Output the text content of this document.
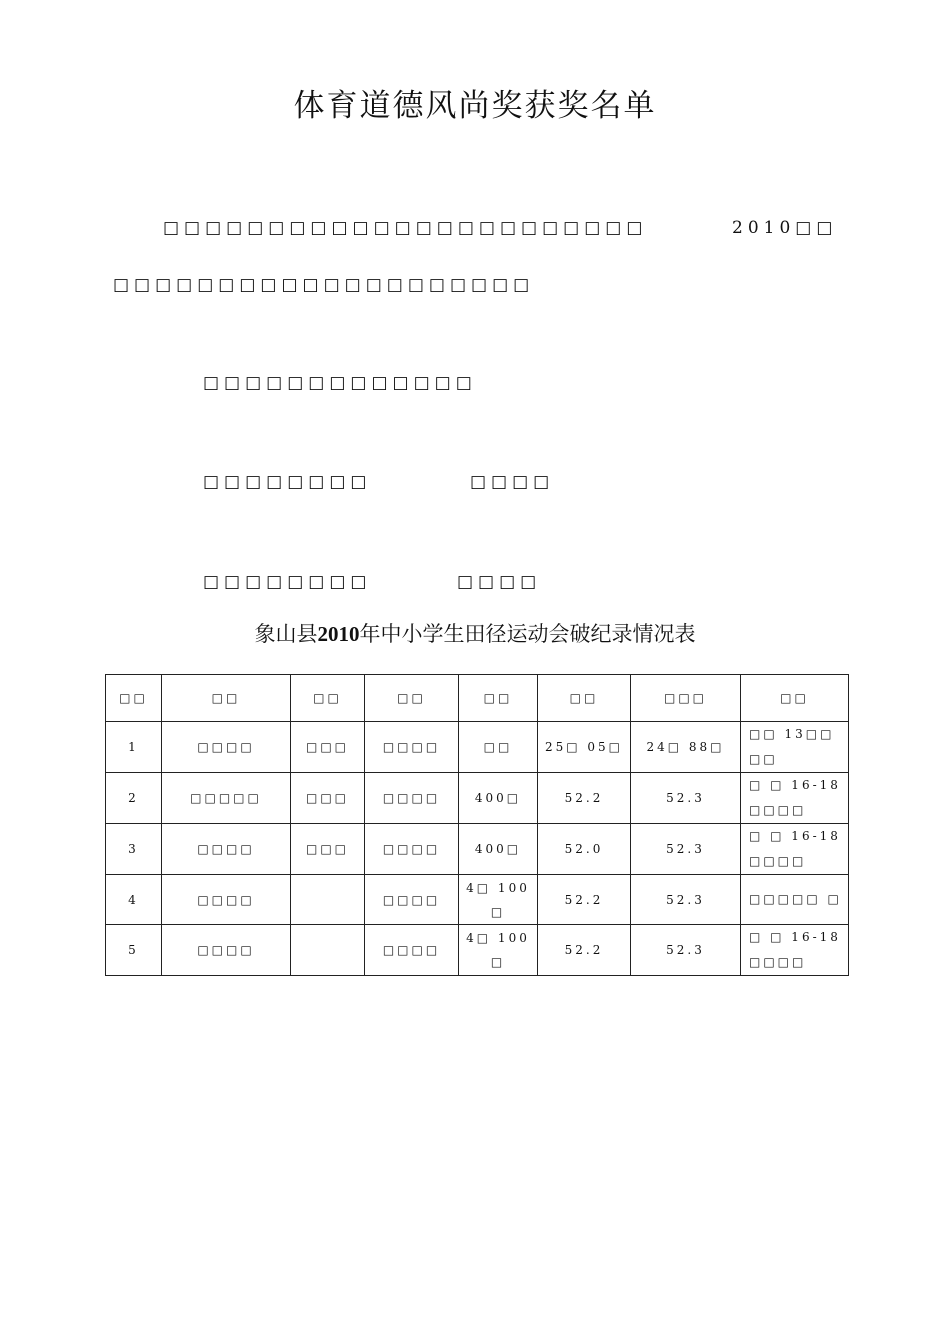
体育道德风尚奖获奖名单
□□□□□□□□□□□□□□□□□□□□□□□	2010□□
□□□□□□□□□□□□□□□□□□□□
□□□□□□□□□□□□□
□□□□□□□□	□□□□
□□□□□□□□	□□□□
象山县2010年中小学生田径运动会破纪录情况表
□□	□□	□□	□□	□□	□□	□□□	□□
1	□□□□	□□□	□□□□	□□	25□ 05□	24□ 88□	□□ 13□□ □□
2	□□□□□	□□□	□□□□	400□	52.2	52.3	□ □ 16-18 □□□□
3	□□□□	□□□	□□□□	400□	52.0	52.3	□ □ 16-18 □□□□
4	□□□□		□□□□	4□ 100 □	52.2	52.3	□□□□□ □
5	□□□□		□□□□	4□ 100 □	52.2	52.3	□ □ 16-18 □□□□
